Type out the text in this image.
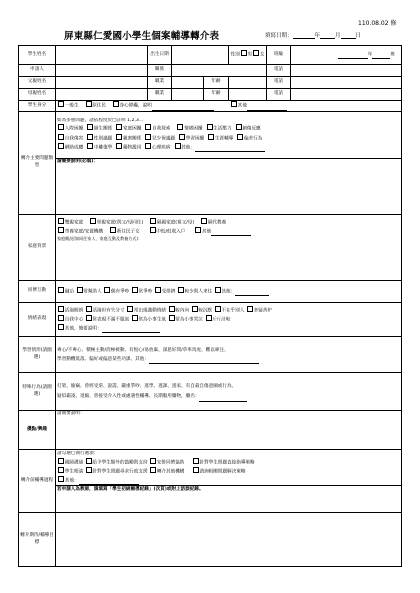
110.08.02 修
屏東縣仁愛國小學生個案輔導轉介表	填寫日期：	年	月	日
學生姓名		出生日期			性別 男 女	班級	年 班
申請人		關係				電話	
父親姓名		職業		年齡		電話	
母親姓名		職業		年齡		電話	
學生身分	一般生 原住民 身心障礙，說明 其他						
轉介主要問題類型	如為多重問題，請依程度於□註明 1,2,3…
人際困擾 師生關係 家庭困擾 自我探索 情緒困擾 生活壓力 創傷反應
自我傷害 性別議題 親密關係 兒少保議題 學習困擾 生涯輔導 偏差行為
網路成癮 中離復學 藥物濫用 心理疾病 其他：						

	請簡要說明(必填)：						
家庭背景	雙親家庭 單親家庭(與父/母同住) 隔親家庭(祖父/母) 隔代教養
寄養家庭/安置機構 新住民子女 中低/低收入戶 其他
家庭概況(如同住家人、家庭互動及教養方式)：						

同儕互動	融洽 常幫助人 偶有爭吵 常爭吵 受排擠 較少與人來往 其他：						
情緒表現	活潑開朗 活潑但有失分寸 常出現激動情緒 較內向 較沉默 不在乎別人 多疑善妒
自我中心 常表現不滿不服氣 常為小事生氣 常為小事哭泣 斤斤計較
其他，簡要說明：						

學習情形(請圈選)	專心/不專心、積極主動/消極被動、有恆心/易放棄、深思好問/草率馬虎、難以專注、
學習動機低落、偏好或偏惡某些功課、其他：						

特殊行為(請圈選)	打架、偷竊、曾經受虐、說謊、嚴重爭吵、逃學、逃課、逃家、有自殺自傷意圖或行為、
疑似霸凌、退縮、曾接受介入性或處遇性輔導、長期服用藥物，藥名：						

優點/興趣	請簡要說明：						
轉介前輔導過程	請勾選已執行選項：
親師溝通 給予學生額外的鼓勵與支持 安排同儕協助 針對學生問題直接指導策略
學生晤談 針對學生問題尋求行政支援 轉介其他機構 諮詢相關問題解決策略
其他：
若申請人為教師，請填寫「學生初級輔導紀錄」(次頁)或附上訪談紀錄。						

轉介期待/輔導目標							
